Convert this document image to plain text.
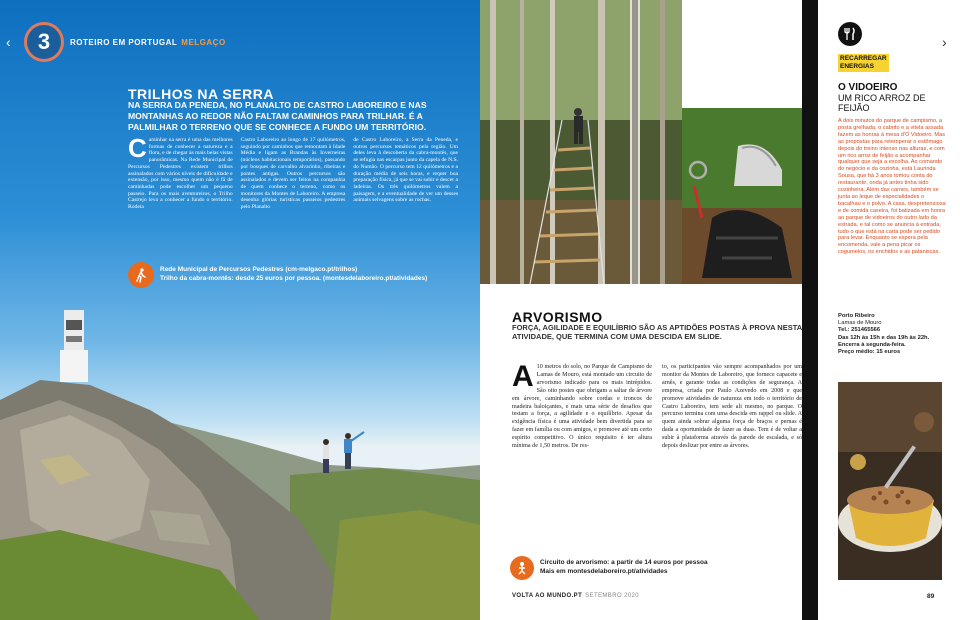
‹ 3 ROTEIRO EM PORTUGAL MELGAÇO
TRILHOS NA SERRA
NA SERRA DA PENEDA, NO PLANALTO DE CASTRO LABOREIRO E NAS MONTANHAS AO REDOR NÃO FALTAM CAMINHOS PARA TRILHAR. É A PALMILHAR O TERRENO QUE SE CONHECE A FUNDO UM TERRITÓRIO.
Caminhar na serra é uma das melhores formas de conhecer a natureza e a flora, e de chegar às mais belas vistas panorâmicas. Na Rede Municipal de Percursos Pedestres existem trilhos assinalados com vários níveis de dificuldade e extensão, por isso, mesmo quem não é fã de caminhadas pode escolher um pequeno passeio. Para os mais aventureiros, o Trilho Castrejo leva a conhecer a fundo o território. Rodeia
Castro Laboreiro ao longo de 17 quilómetros, seguindo por caminhos que remontam à Idade Média e ligam as Brandas às Inverneiras (núcleos habitacionais temporários), passando por bosques de carvalho alvarinho, ribeiras e pontes antigas. Outros percursos são assinalados e devem ser feitos na companhia de quem conhece o terreno, como os monitores da Montes de Laboreiro. A empresa desenha glórias turísticas passeios pedestres pelo Planalto
de Castro Laboreiro, a Serra da Peneda, e outros percursos temáticos pela região. Um deles leva à descoberta da cabra-montês, que se refugia nas escarpas junto da capela de N.S. do Numão. O percurso tem 12 quilómetros e a duração média de seis horas, e requer boa preparação física, já que se vai subir e descer a ladeiras. Os três quilómetros valem a paisagem, e a eventualidade de ver um desses animais selvagens sobre as rochas.
Rede Municipal de Percursos Pedestres (cm-melgaco.pt/trilhos)
Trilho da cabra-montês: desde 25 euros por pessoa. (montesdelaboreiro.pt/atividades)
ARVORISMO
FORÇA, AGILIDADE E EQUILÍBRIO SÃO AS APTIDÕES POSTAS À PROVA NESTA ATIVIDADE, QUE TERMINA COM UMA DESCIDA EM SLIDE.
A 10 metros do solo, no Parque de Campismo de Lamas de Mouro, está montado um circuito de arvorismo indicado para os mais intrépidos. São oito postes que obrigam a saltar de árvore em árvore, caminhando sobre cordas e troncos de madeira baloiçantes, e mais uma série de desafios que testam a força, a agilidade e o equilíbrio. Apesar da exigência física é uma atividade bem divertida para se fazer em família ou com amigos, e promove até um certo espírito competitivo. O único requisito é ter altura mínima de 1,50 metros. De res-
to, os participantes vão sempre acompanhados por um monitor da Montes de Laboreiro, que fornece capacete e arnês, e garante todas as condições de segurança. A empresa, criada por Paulo Azevedo em 2008 e que promove atividades de natureza em todo o território de Castro Laboreiro, tem sede ali mesmo, no parque. O percurso termina com uma descida em rappel ou slide. A quem ainda sobrar alguma força de braços e pernas é dada a oportunidade de fazer as duas. Tem é de voltar a subir à plataforma através da parede de escalada, e só depois deslizar por entre as árvores.
Circuito de arvorismo: a partir de 14 euros por pessoa
Mais em montesdelaboreiro.pt/atividades
VOLTA AO MUNDO.PT SETEMBRO 2020
RECARREGAR
ENERGIAS
O VIDOEIRO
UM RICO ARROZ DE FEIJÃO
A dois minutos do parque de campismo, a posta grelhada, o cabrito e a vitela assada fazem as honras à mesa d'O Vidoeiro. Mas as propostas para retemperar o estômago depois do treino intenso nas alturas, e com um rico arroz de feijão a acompanhar qualquer que seja a escolha. Ao comando do negócio e da cozinha, está Laurinda Sousa, que há 3 anos tomou conta do restaurante, onda já antes tinha sido cozinheira. Além das carnes, também se junta ao leque de especialidades o bacalhau e o polvo. A casa, despretensiosa e de comida caseira, foi batizada em honra ao parque de vidoeiros do outro lado da estrada, e tal como se anuncia à entrada, tudo o que está na carta pode ser pedido para levar. Enquanto se espera pela encomenda, vale a pena picar os cogumelos, os enchidos e as pataniscas.
Porto Ribeiro
Lamas de Mouro
Tel.: 251465566
Das 12h às 15h e das 19h às 22h.
Encerra à segunda-feira.
Preço médio: 15 euros
89
›
